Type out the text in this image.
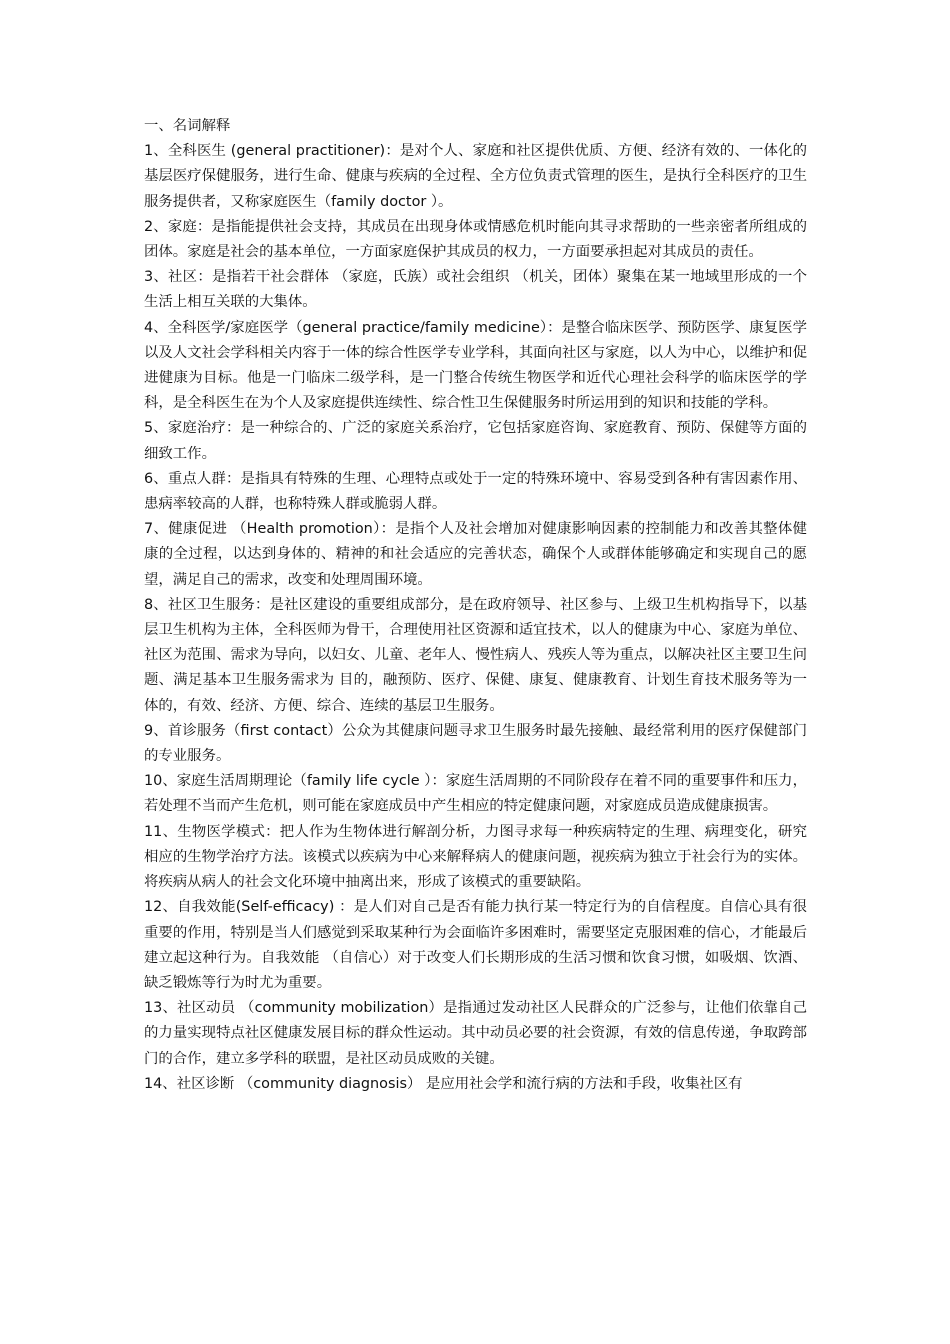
一、名词解释

1、全科医生 (general practitioner)：是对个人、家庭和社区提供优质、方便、经济有效的、一体化的基层医疗保健服务，进行生命、健康与疾病的全过程、全方位负责式管理的医生，是执行全科医疗的卫生服务提供者，又称家庭医生（family doctor ）。

2、家庭：是指能提供社会支持，其成员在出现身体或情感危机时能向其寻求帮助的一些亲密者所组成的团体。家庭是社会的基本单位，一方面家庭保护其成员的权力，一方面要承担起对其成员的责任。

3、社区：是指若干社会群体 （家庭，氏族）或社会组织 （机关，团体）聚集在某一地域里形成的一个生活上相互关联的大集体。

4、全科医学/家庭医学（general practice/family medicine）：是整合临床医学、预防医学、康复医学以及人文社会学科相关内容于一体的综合性医学专业学科，其面向社区与家庭，以人为中心，以维护和促进健康为目标。他是一门临床二级学科，是一门整合传统生物医学和近代心理社会科学的临床医学的学科，是全科医生在为个人及家庭提供连续性、综合性卫生保健服务时所运用到的知识和技能的学科。

5、家庭治疗：是一种综合的、广泛的家庭关系治疗，它包括家庭咨询、家庭教育、预防、保健等方面的细致工作。

6、重点人群：是指具有特殊的生理、心理特点或处于一定的特殊环境中、容易受到各种有害因素作用、患病率较高的人群，也称特殊人群或脆弱人群。

7、健康促进 （Health promotion）：是指个人及社会增加对健康影响因素的控制能力和改善其整体健康的全过程，以达到身体的、精神的和社会适应的完善状态，确保个人或群体能够确定和实现自己的愿望，满足自己的需求，改变和处理周围环境。

8、社区卫生服务：是社区建设的重要组成部分，是在政府领导、社区参与、上级卫生机构指导下，以基层卫生机构为主体，全科医师为骨干，合理使用社区资源和适宜技术，以人的健康为中心、家庭为单位、社区为范围、需求为导向，以妇女、儿童、老年人、慢性病人、残疾人等为重点，以解决社区主要卫生问题、满足基本卫生服务需求为 目的，融预防、医疗、保健、康复、健康教育、计划生育技术服务等为一体的，有效、经济、方便、综合、连续的基层卫生服务。

9、首诊服务（first contact）公众为其健康问题寻求卫生服务时最先接触、最经常利用的医疗保健部门的专业服务。

10、家庭生活周期理论（family life cycle ）：家庭生活周期的不同阶段存在着不同的重要事件和压力，若处理不当而产生危机，则可能在家庭成员中产生相应的特定健康问题，对家庭成员造成健康损害。

11、生物医学模式：把人作为生物体进行解剖分析，力图寻求每一种疾病特定的生理、病理变化，研究相应的生物学治疗方法。该模式以疾病为中心来解释病人的健康问题，视疾病为独立于社会行为的实体。将疾病从病人的社会文化环境中抽离出来，形成了该模式的重要缺陷。

12、自我效能(Self-efficacy) ：是人们对自己是否有能力执行某一特定行为的自信程度。自信心具有很重要的作用，特别是当人们感觉到采取某种行为会面临许多困难时，需要坚定克服困难的信心，才能最后建立起这种行为。自我效能 （自信心）对于改变人们长期形成的生活习惯和饮食习惯，如吸烟、饮酒、缺乏锻炼等行为时尤为重要。

13、社区动员 （community mobilization）是指通过发动社区人民群众的广泛参与，让他们依靠自己的力量实现特点社区健康发展目标的群众性运动。其中动员必要的社会资源，有效的信息传递，争取跨部门的合作，建立多学科的联盟，是社区动员成败的关键。

14、社区诊断 （community diagnosis） 是应用社会学和流行病的方法和手段，收集社区有
